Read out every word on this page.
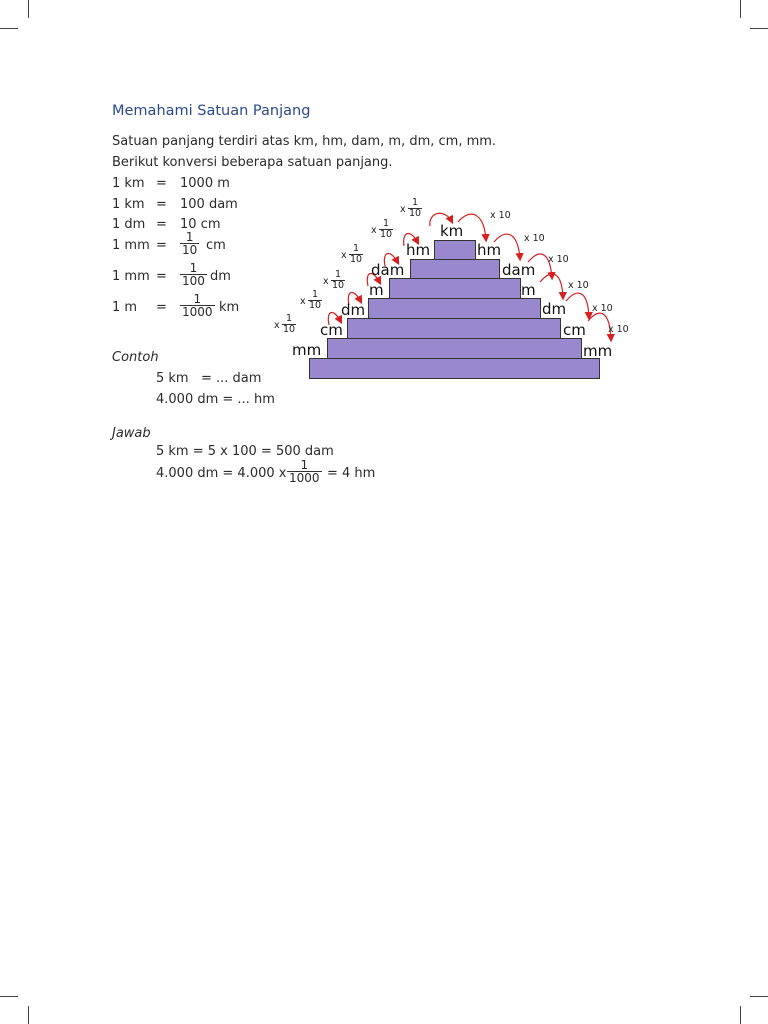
Memahami Satuan Panjang
Satuan panjang terdiri atas km, hm, dam, m, dm, cm, mm.
Berikut konversi beberapa satuan panjang.
1 km = 1000 m
1 km = 100 dam
1 dm = 10 cm
1 mm = $\frac{1}{10}$ cm
1 mm = $\frac{1}{100}$ dm
1 $m = \frac{1}{1000}$ km
Contoh
5 km   = ... dam
4.000 dm = ... hm
Jawab
5 km = 5 x 100 = 500 dam
4.000 dm = 4.000 x $\frac{1}{1000} = 4$ hm
km
hm
dam
m
dm
cm
mm
hm
dam
m
dm
cm
mm
x $\frac{1}{10}$
x $\frac{1}{10}$
x $\frac{1}{10}$
x $\frac{1}{10}$
x $\frac{1}{10}$
x $\frac{1}{10}$
x 10
x 10
x 10
x 10
x 10
x 10
